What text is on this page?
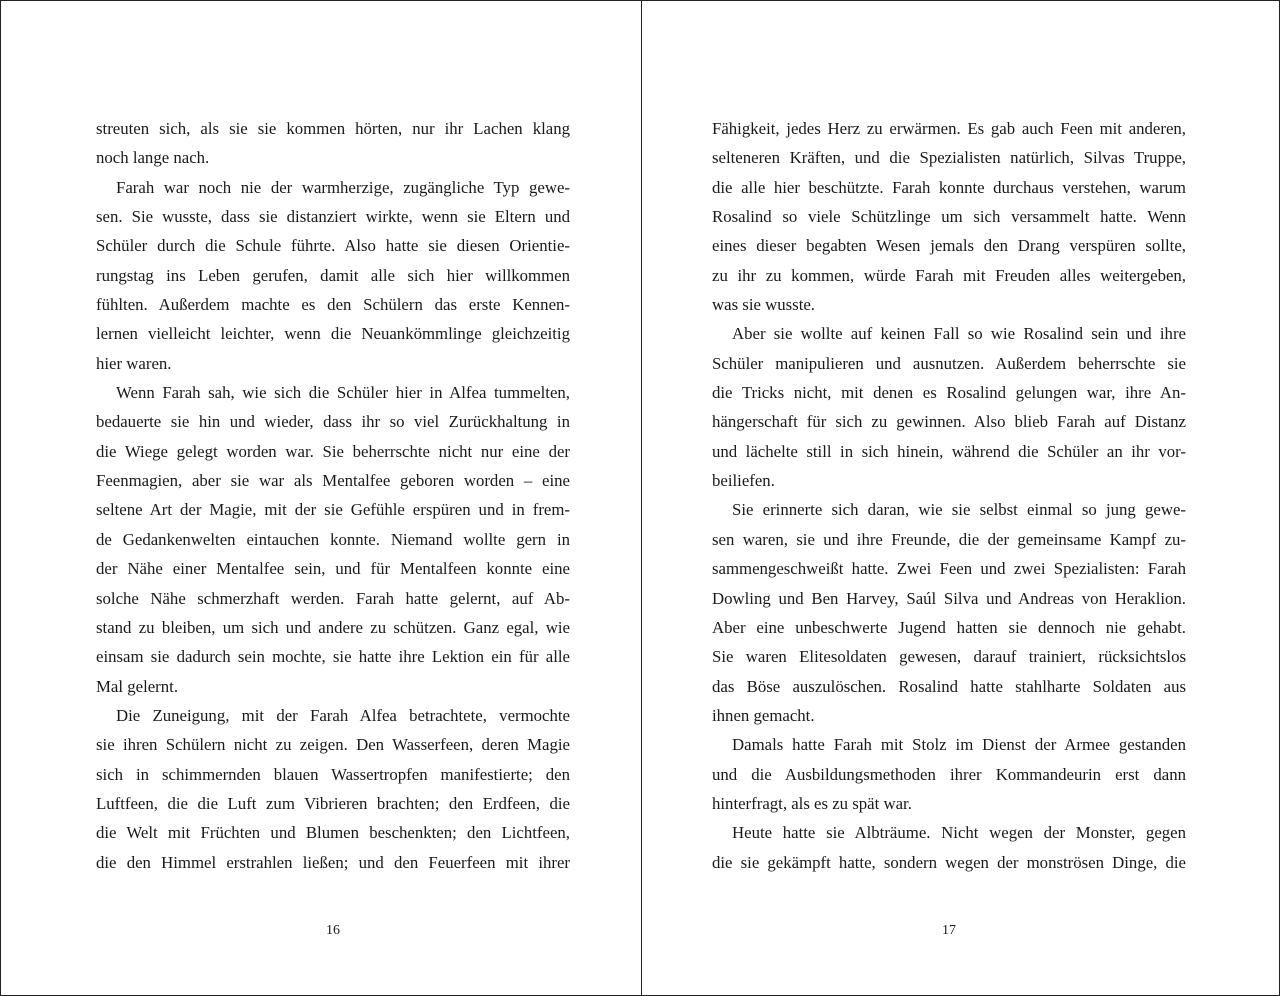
streuten sich, als sie sie kommen hörten, nur ihr Lachen klang
noch lange nach.
Farah war noch nie der warmherzige, zugängliche Typ gewe-
sen. Sie wusste, dass sie distanziert wirkte, wenn sie Eltern und
Schüler durch die Schule führte. Also hatte sie diesen Orientie-
rungstag ins Leben gerufen, damit alle sich hier willkommen
fühlten. Außerdem machte es den Schülern das erste Kennen-
lernen vielleicht leichter, wenn die Neuankömmlinge gleichzeitig
hier waren.
Wenn Farah sah, wie sich die Schüler hier in Alfea tummelten,
bedauerte sie hin und wieder, dass ihr so viel Zurückhaltung in
die Wiege gelegt worden war. Sie beherrschte nicht nur eine der
Feenmagien, aber sie war als Mentalfee geboren worden – eine
seltene Art der Magie, mit der sie Gefühle erspüren und in frem-
de Gedankenwelten eintauchen konnte. Niemand wollte gern in
der Nähe einer Mentalfee sein, und für Mentalfeen konnte eine
solche Nähe schmerzhaft werden. Farah hatte gelernt, auf Ab-
stand zu bleiben, um sich und andere zu schützen. Ganz egal, wie
einsam sie dadurch sein mochte, sie hatte ihre Lektion ein für alle
Mal gelernt.
Die Zuneigung, mit der Farah Alfea betrachtete, vermochte
sie ihren Schülern nicht zu zeigen. Den Wasserfeen, deren Magie
sich in schimmernden blauen Wassertropfen manifestierte; den
Luftfeen, die die Luft zum Vibrieren brachten; den Erdfeen, die
die Welt mit Früchten und Blumen beschenkten; den Lichtfeen,
die den Himmel erstrahlen ließen; und den Feuerfeen mit ihrer
16
Fähigkeit, jedes Herz zu erwärmen. Es gab auch Feen mit anderen,
selteneren Kräften, und die Spezialisten natürlich, Silvas Truppe,
die alle hier beschützte. Farah konnte durchaus verstehen, warum
Rosalind so viele Schützlinge um sich versammelt hatte. Wenn
eines dieser begabten Wesen jemals den Drang verspüren sollte,
zu ihr zu kommen, würde Farah mit Freuden alles weitergeben,
was sie wusste.
Aber sie wollte auf keinen Fall so wie Rosalind sein und ihre
Schüler manipulieren und ausnutzen. Außerdem beherrschte sie
die Tricks nicht, mit denen es Rosalind gelungen war, ihre An-
hängerschaft für sich zu gewinnen. Also blieb Farah auf Distanz
und lächelte still in sich hinein, während die Schüler an ihr vor-
beiliefen.
Sie erinnerte sich daran, wie sie selbst einmal so jung gewe-
sen waren, sie und ihre Freunde, die der gemeinsame Kampf zu-
sammengeschweißt hatte. Zwei Feen und zwei Spezialisten: Farah
Dowling und Ben Harvey, Saúl Silva und Andreas von Heraklion.
Aber eine unbeschwerte Jugend hatten sie dennoch nie gehabt.
Sie waren Elitesoldaten gewesen, darauf trainiert, rücksichtslos
das Böse auszulöschen. Rosalind hatte stahlharte Soldaten aus
ihnen gemacht.
Damals hatte Farah mit Stolz im Dienst der Armee gestanden
und die Ausbildungsmethoden ihrer Kommandeurin erst dann
hinterfragt, als es zu spät war.
Heute hatte sie Albträume. Nicht wegen der Monster, gegen
die sie gekämpft hatte, sondern wegen der monströsen Dinge, die
17
